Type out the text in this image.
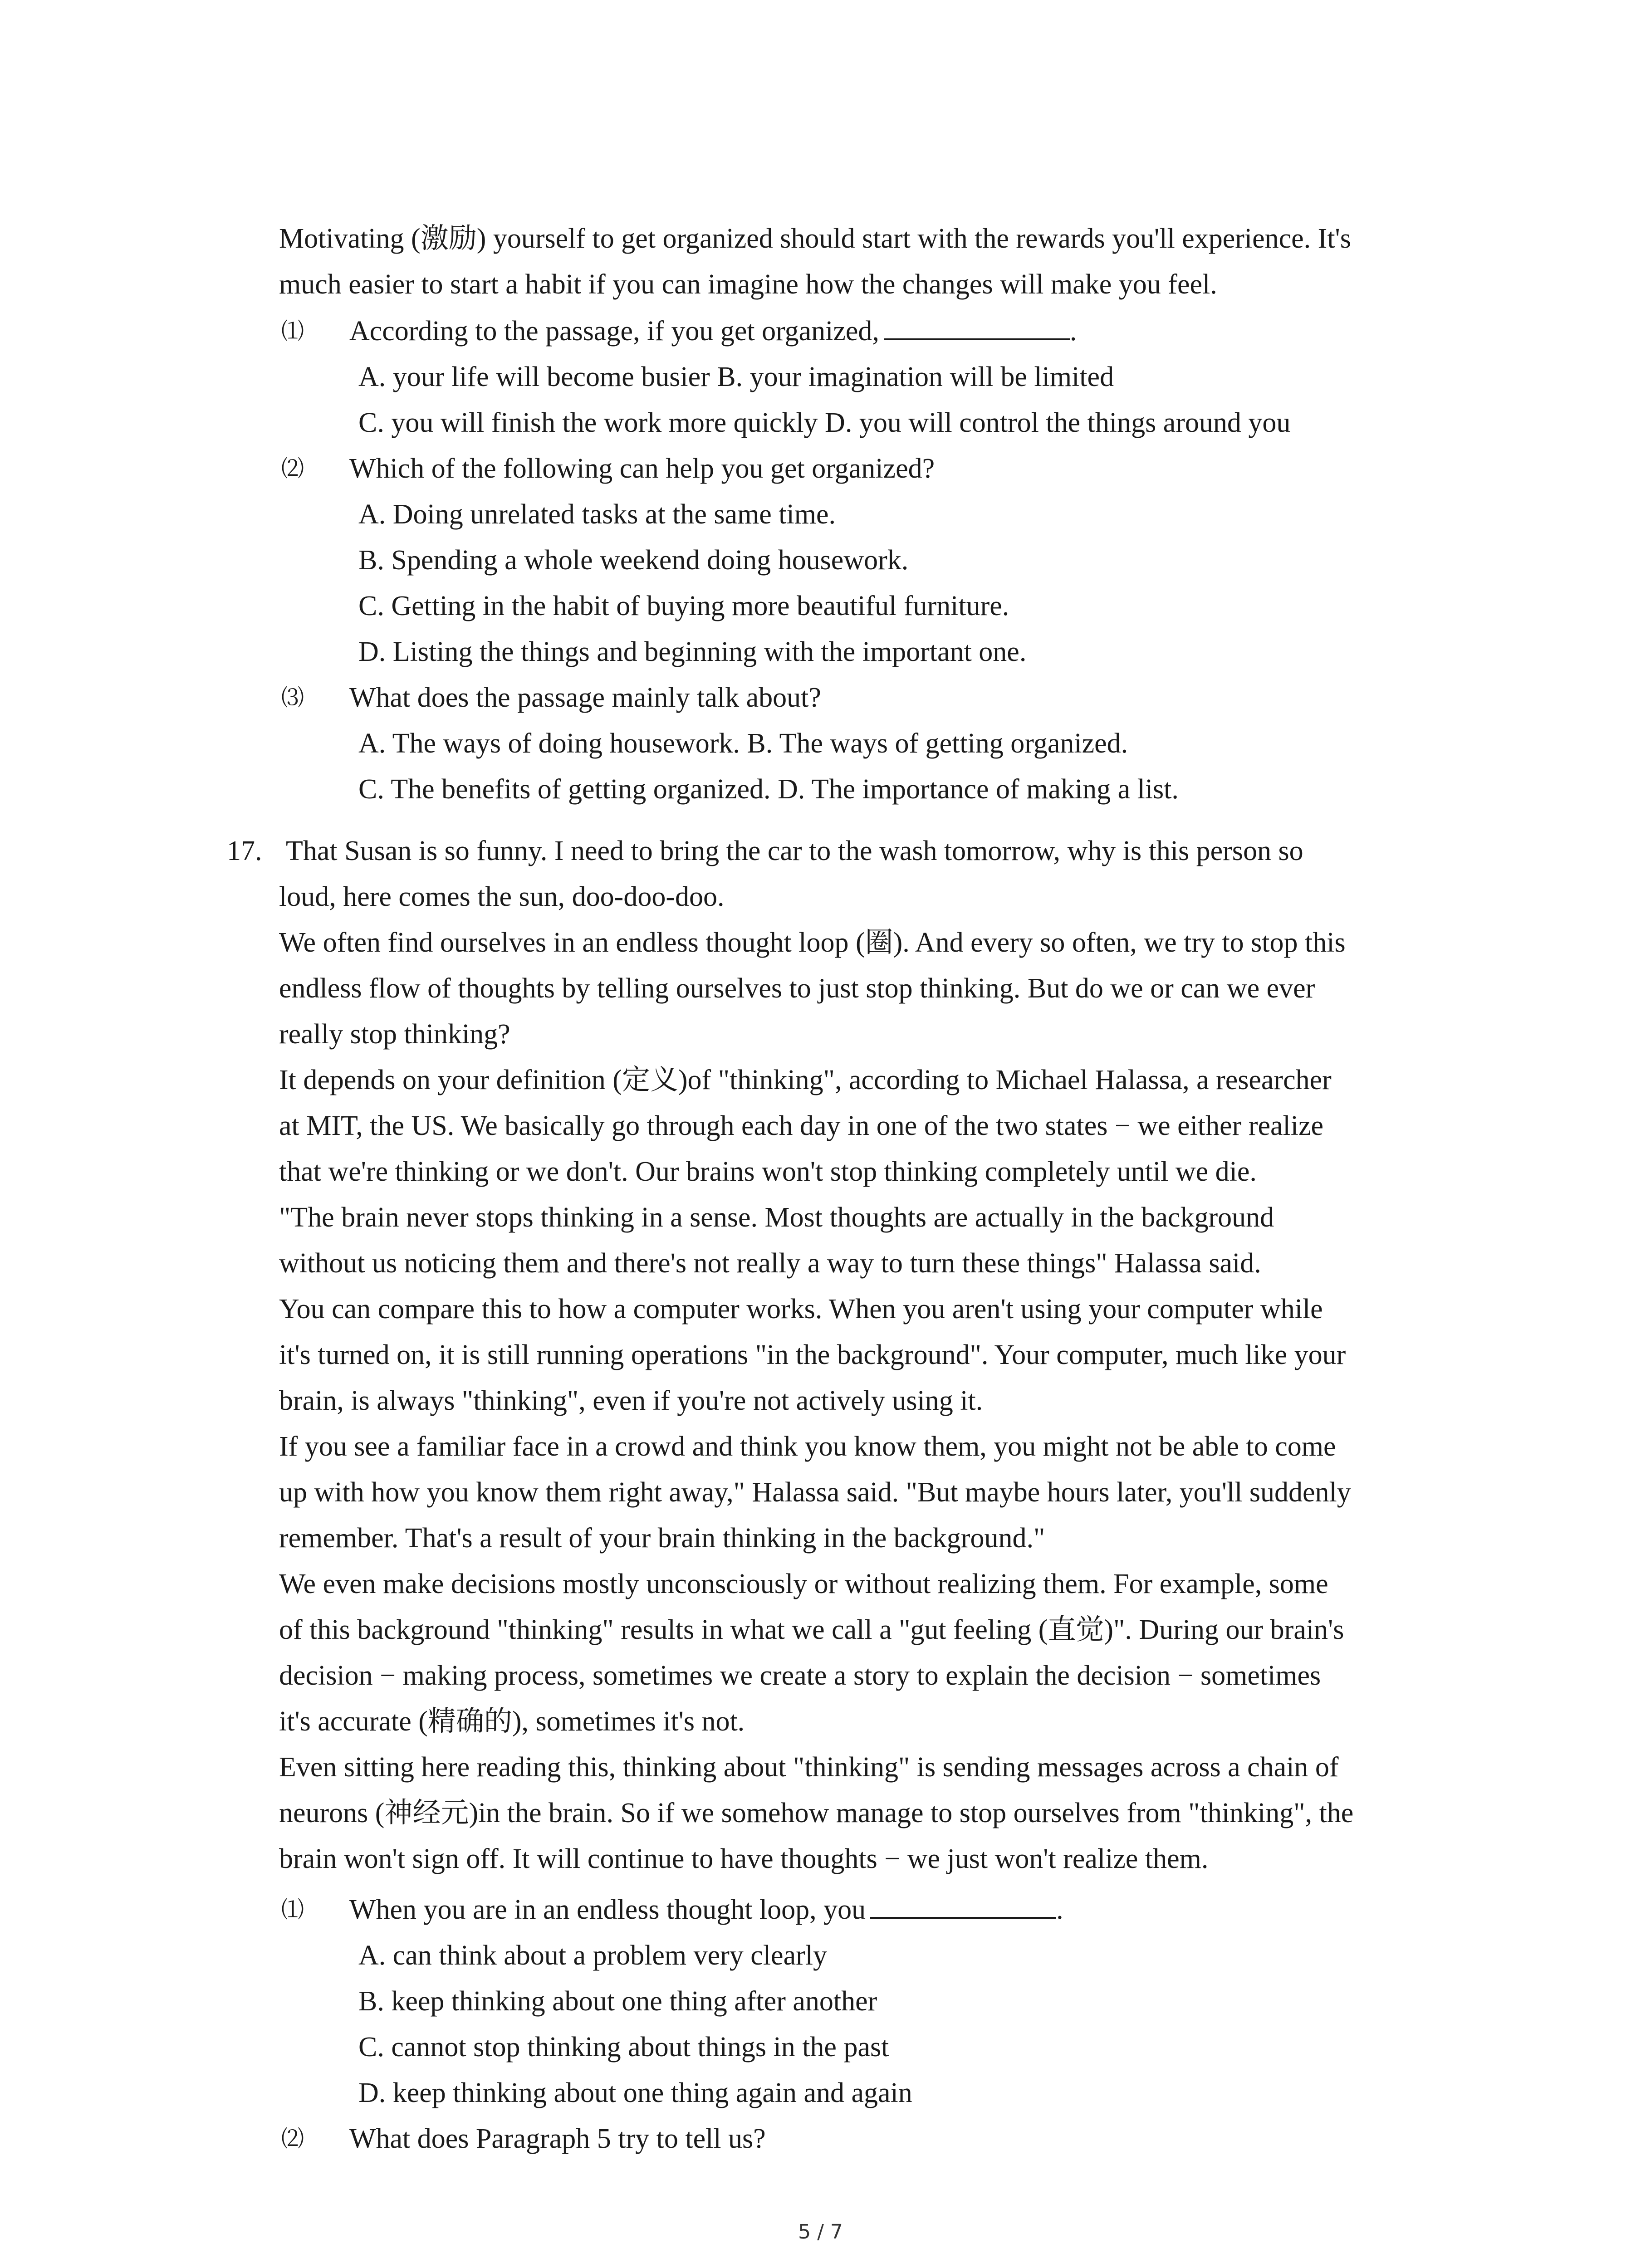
Motivating (激励) yourself to get organized should start with the rewards you'll experience. It's
much easier to start a habit if you can imagine how the changes will make you feel.
⑴ According to the passage, if you get organized,	.
A. your life will become busier B. your imagination will be limited
C. you will finish the work more quickly D. you will control the things around you
⑵ Which of the following can help you get organized?
A. Doing unrelated tasks at the same time.
B. Spending a whole weekend doing housework.
C. Getting in the habit of buying more beautiful furniture.
D. Listing the things and beginning with the important one.
⑶ What does the passage mainly talk about?
A. The ways of doing housework. B. The ways of getting organized.
C. The benefits of getting organized. D. The importance of making a list.
17. That Susan is so funny. I need to bring the car to the wash tomorrow, why is this person so
loud, here comes the sun, doo-doo-doo.
We often find ourselves in an endless thought loop (圈). And every so often, we try to stop this
endless flow of thoughts by telling ourselves to just stop thinking. But do we or can we ever
really stop thinking?
It depends on your definition (定义)of "thinking", according to Michael Halassa, a researcher
at MIT, the US. We basically go through each day in one of the two states − we either realize
that we're thinking or we don't. Our brains won't stop thinking completely until we die.
"The brain never stops thinking in a sense. Most thoughts are actually in the background
without us noticing them and there's not really a way to turn these things" Halassa said.
You can compare this to how a computer works. When you aren't using your computer while
it's turned on, it is still running operations "in the background". Your computer, much like your
brain, is always "thinking", even if you're not actively using it.
If you see a familiar face in a crowd and think you know them, you might not be able to come
up with how you know them right away," Halassa said. "But maybe hours later, you'll suddenly
remember. That's a result of your brain thinking in the background."
We even make decisions mostly unconsciously or without realizing them. For example, some
of this background "thinking" results in what we call a "gut feeling (直觉)". During our brain's
decision − making process, sometimes we create a story to explain the decision − sometimes
it's accurate (精确的), sometimes it's not.
Even sitting here reading this, thinking about "thinking" is sending messages across a chain of
neurons (神经元)in the brain. So if we somehow manage to stop ourselves from "thinking", the
brain won't sign off. It will continue to have thoughts − we just won't realize them.
⑴ When you are in an endless thought loop, you	.
A. can think about a problem very clearly
B. keep thinking about one thing after another
C. cannot stop thinking about things in the past
D. keep thinking about one thing again and again
⑵ What does Paragraph 5 try to tell us?
5 / 7
